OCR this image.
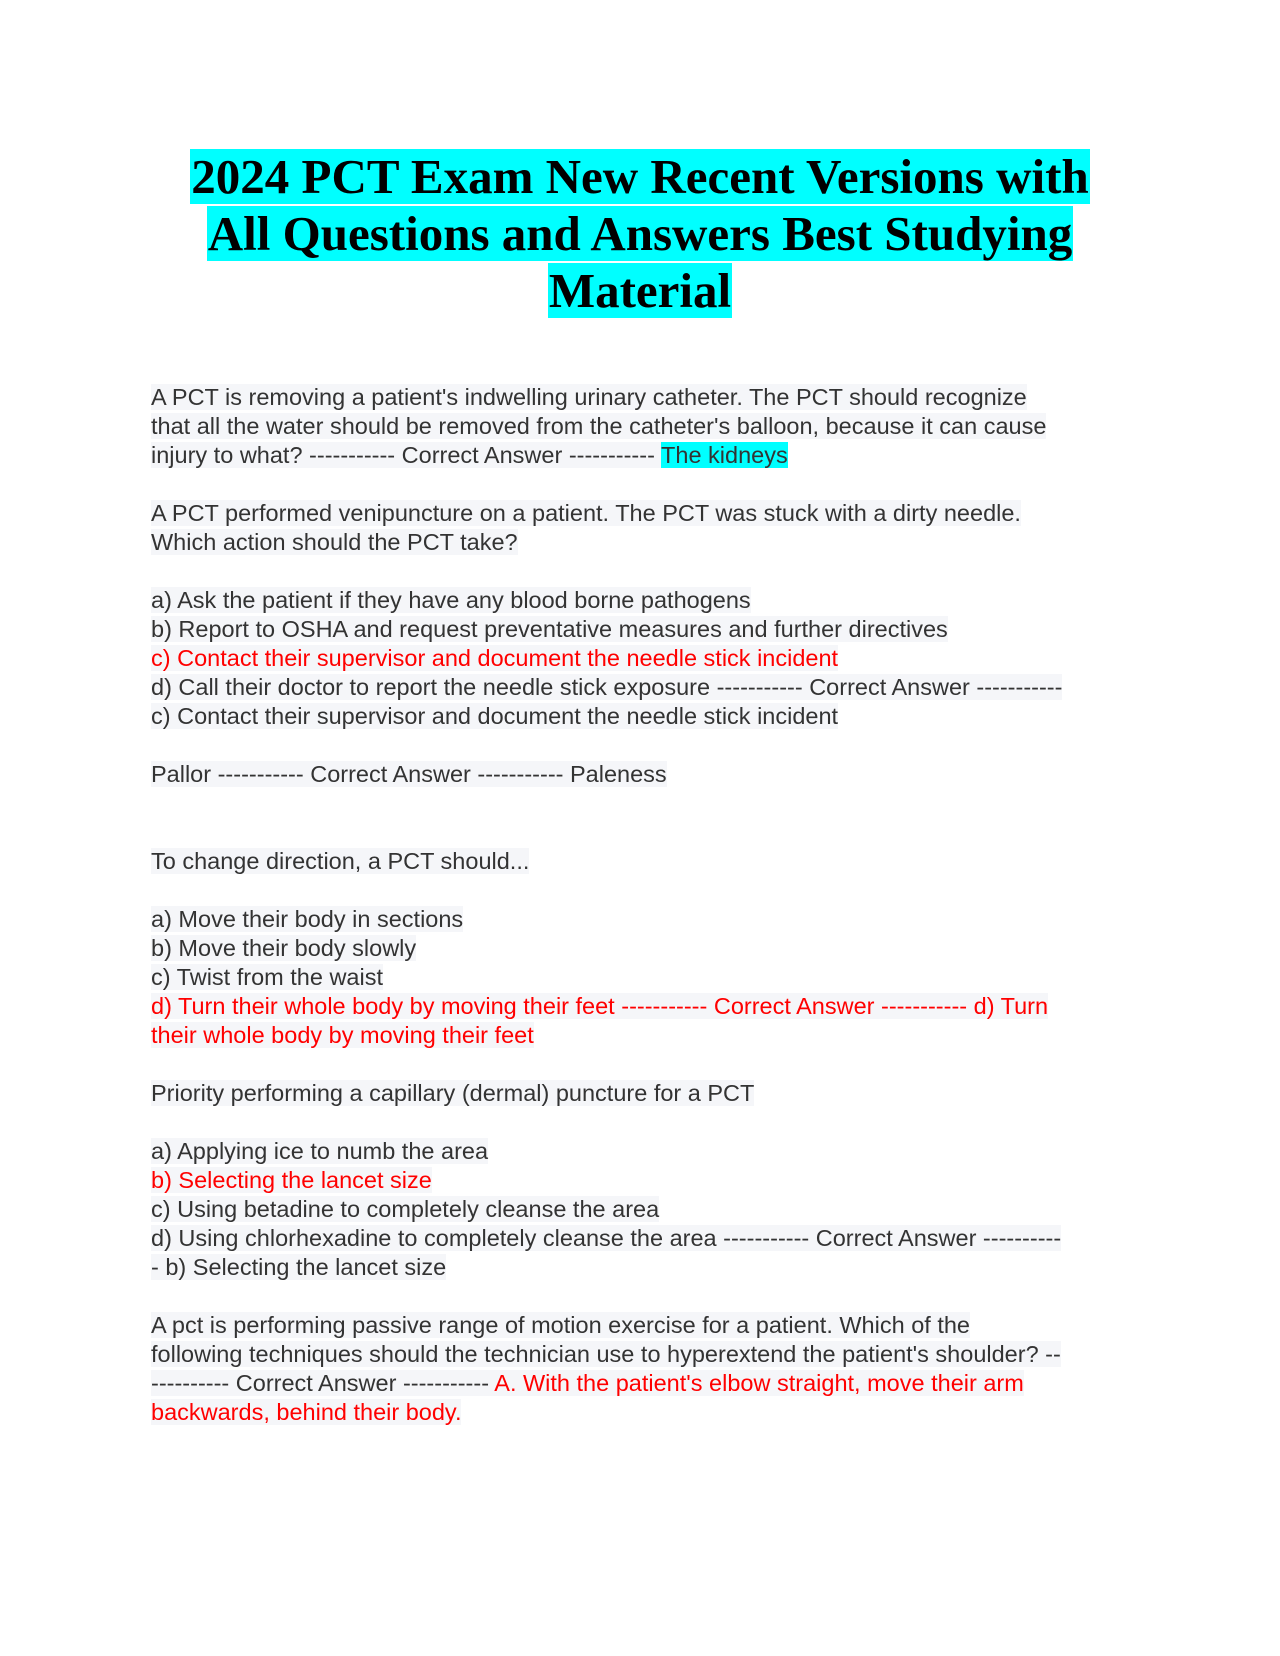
2024 PCT Exam New Recent Versions with
All Questions and Answers Best Studying
Material
A PCT is removing a patient's indwelling urinary catheter. The PCT should recognize
that all the water should be removed from the catheter's balloon, because it can cause
injury to what? ----------- Correct Answer ----------- The kidneys
A PCT performed venipuncture on a patient. The PCT was stuck with a dirty needle.
Which action should the PCT take?
a) Ask the patient if they have any blood borne pathogens
b) Report to OSHA and request preventative measures and further directives
c) Contact their supervisor and document the needle stick incident
d) Call their doctor to report the needle stick exposure ----------- Correct Answer -----------
c) Contact their supervisor and document the needle stick incident
Pallor ----------- Correct Answer ----------- Paleness
To change direction, a PCT should...
a) Move their body in sections
b) Move their body slowly
c) Twist from the waist
d) Turn their whole body by moving their feet ----------- Correct Answer ----------- d) Turn
their whole body by moving their feet
Priority performing a capillary (dermal) puncture for a PCT
a) Applying ice to numb the area
b) Selecting the lancet size
c) Using betadine to completely cleanse the area
d) Using chlorhexadine to completely cleanse the area ----------- Correct Answer ----------
- b) Selecting the lancet size
A pct is performing passive range of motion exercise for a patient. Which of the
following techniques should the technician use to hyperextend the patient's shoulder? --
---------- Correct Answer ----------- A. With the patient's elbow straight, move their arm
backwards, behind their body.
